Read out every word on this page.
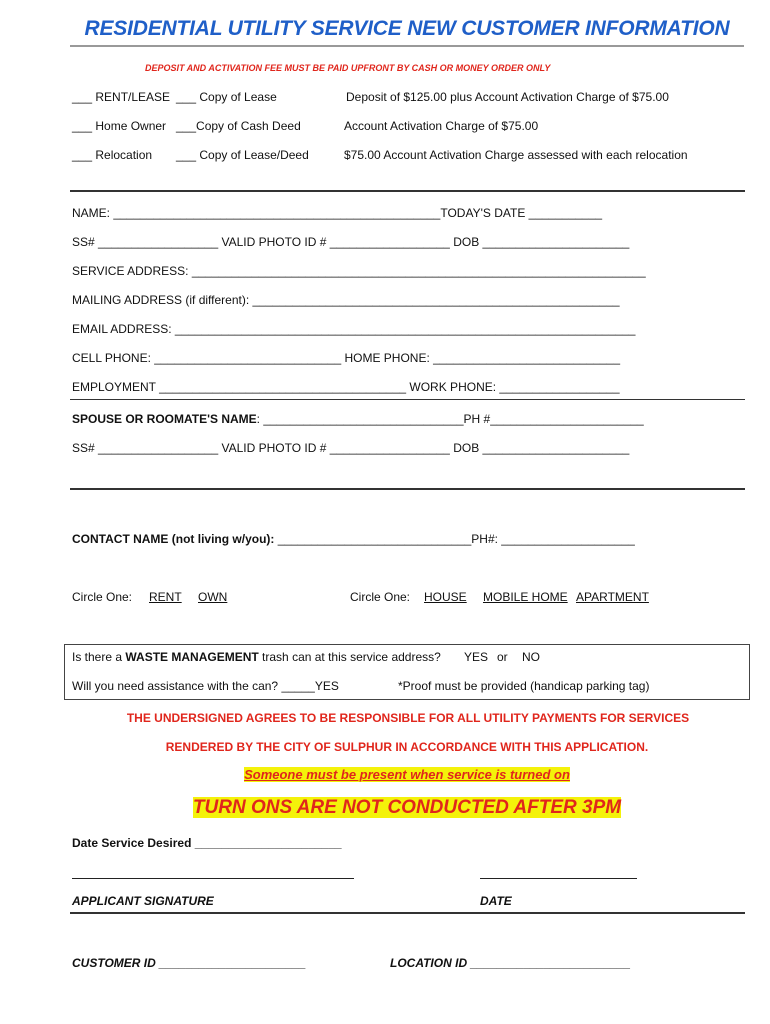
RESIDENTIAL UTILITY SERVICE NEW CUSTOMER INFORMATION
DEPOSIT AND ACTIVATION FEE MUST BE PAID UPFRONT BY CASH OR MONEY ORDER ONLY
___ RENT/LEASE ___ Copy of Lease	Deposit of $125.00 plus Account Activation Charge of $75.00
___ Home Owner ___Copy of Cash Deed	Account Activation Charge of $75.00
___ Relocation ___ Copy of Lease/Deed	$75.00 Account Activation Charge assessed with each relocation
NAME: _________________________________________________TODAY'S DATE ___________
SS# __________________ VALID PHOTO ID # __________________ DOB ______________________
SERVICE ADDRESS: ____________________________________________________________________
MAILING ADDRESS (if different): _______________________________________________________
EMAIL ADDRESS: _____________________________________________________________________
CELL PHONE: ____________________________ HOME PHONE: ____________________________
EMPLOYMENT _____________________________________ WORK PHONE: __________________
SPOUSE OR ROOMATE'S NAME: ______________________________PH #_______________________
SS# __________________ VALID PHOTO ID # __________________ DOB ______________________
CONTACT NAME (not living w/you): _____________________________PH#: ____________________
Circle One: RENT OWN	Circle One: HOUSE MOBILE HOME APARTMENT
Is there a WASTE MANAGEMENT trash can at this service address? YES or NO
Will you need assistance with the can? _____YES	*Proof must be provided (handicap parking tag)
THE UNDERSIGNED AGREES TO BE RESPONSIBLE FOR ALL UTILITY PAYMENTS FOR SERVICES
RENDERED BY THE CITY OF SULPHUR IN ACCORDANCE WITH THIS APPLICATION.
Someone must be present when service is turned on
TURN ONS ARE NOT CONDUCTED AFTER 3PM
Date Service Desired ______________________
APPLICANT SIGNATURE	DATE
CUSTOMER ID ______________________	LOCATION ID ________________________
